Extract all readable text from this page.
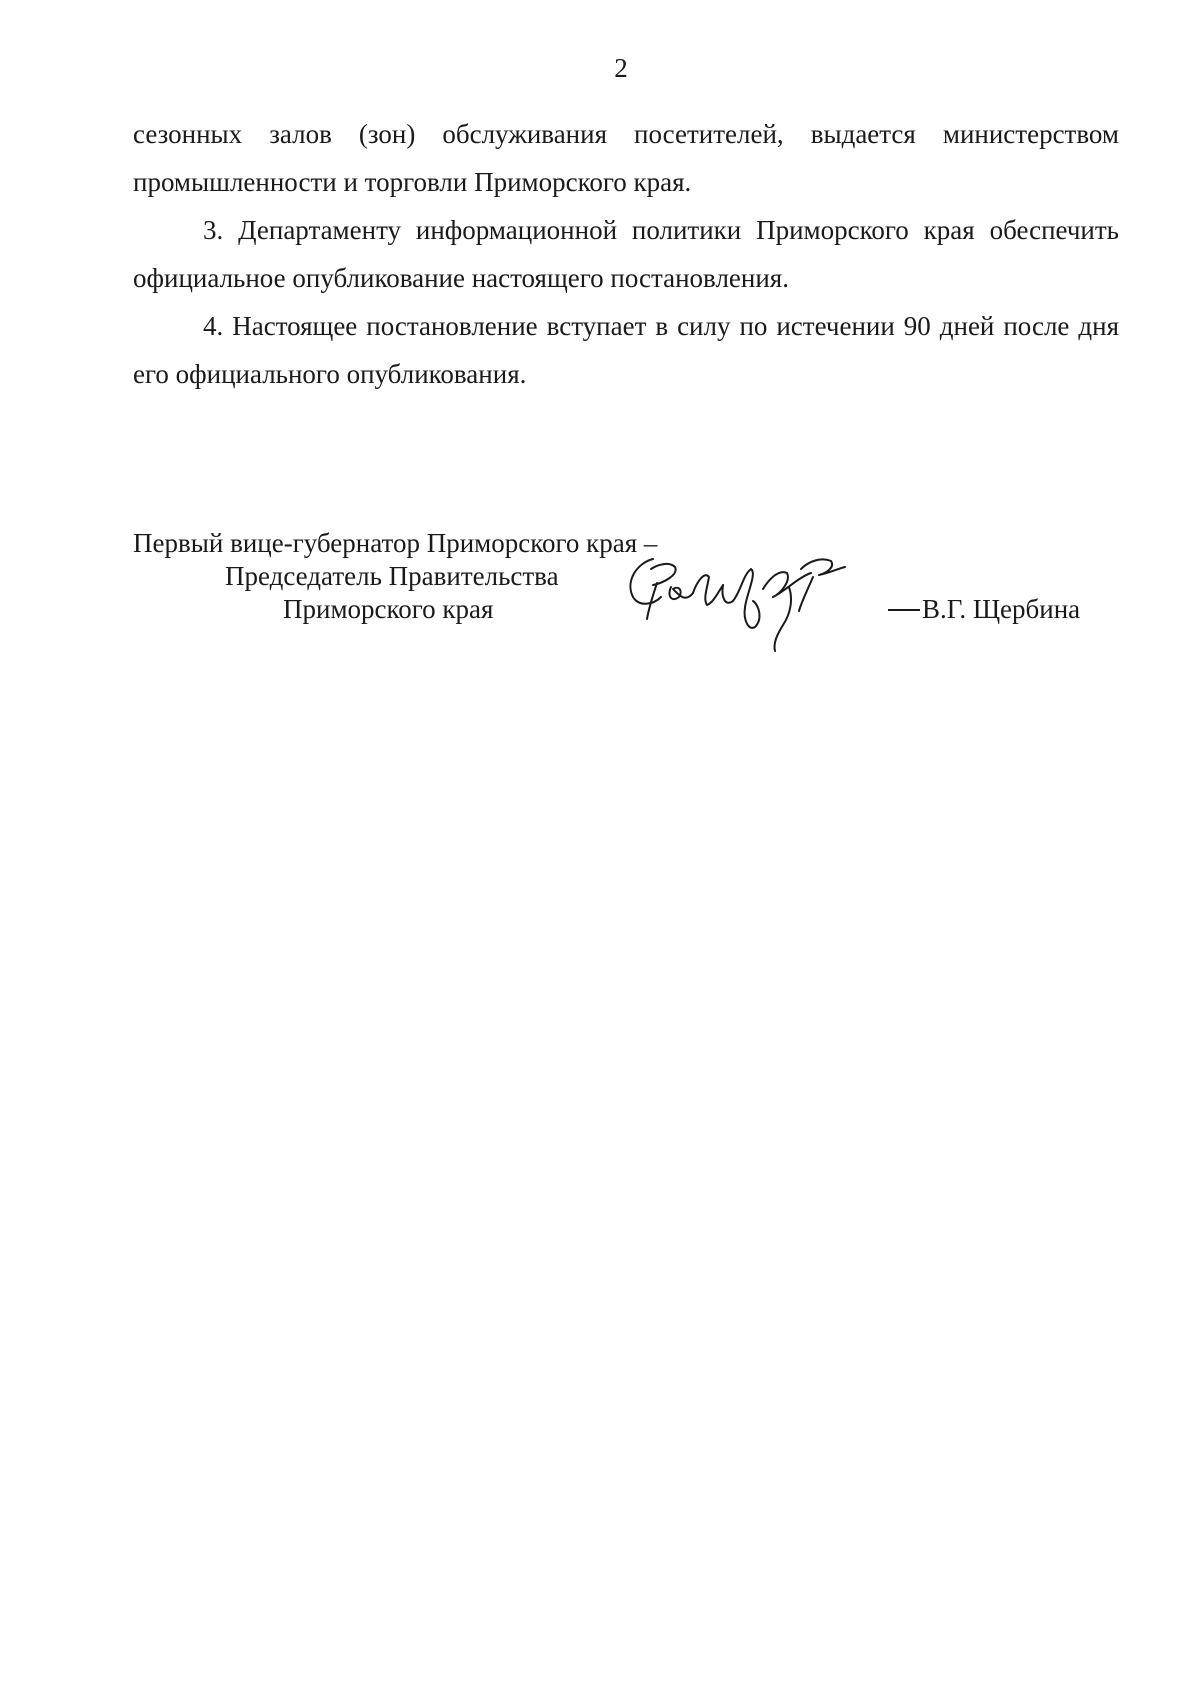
2

сезонных залов (зон) обслуживания посетителей, выдается министерством промышленности и торговли Приморского края.

3. Департаменту информационной политики Приморского края обеспечить официальное опубликование настоящего постановления.

4. Настоящее постановление вступает в силу по истечении 90 дней после дня его официального опубликования.

Первый вице-губернатор Приморского края –
Председатель Правительства
Приморского края	В.Г. Щербина
